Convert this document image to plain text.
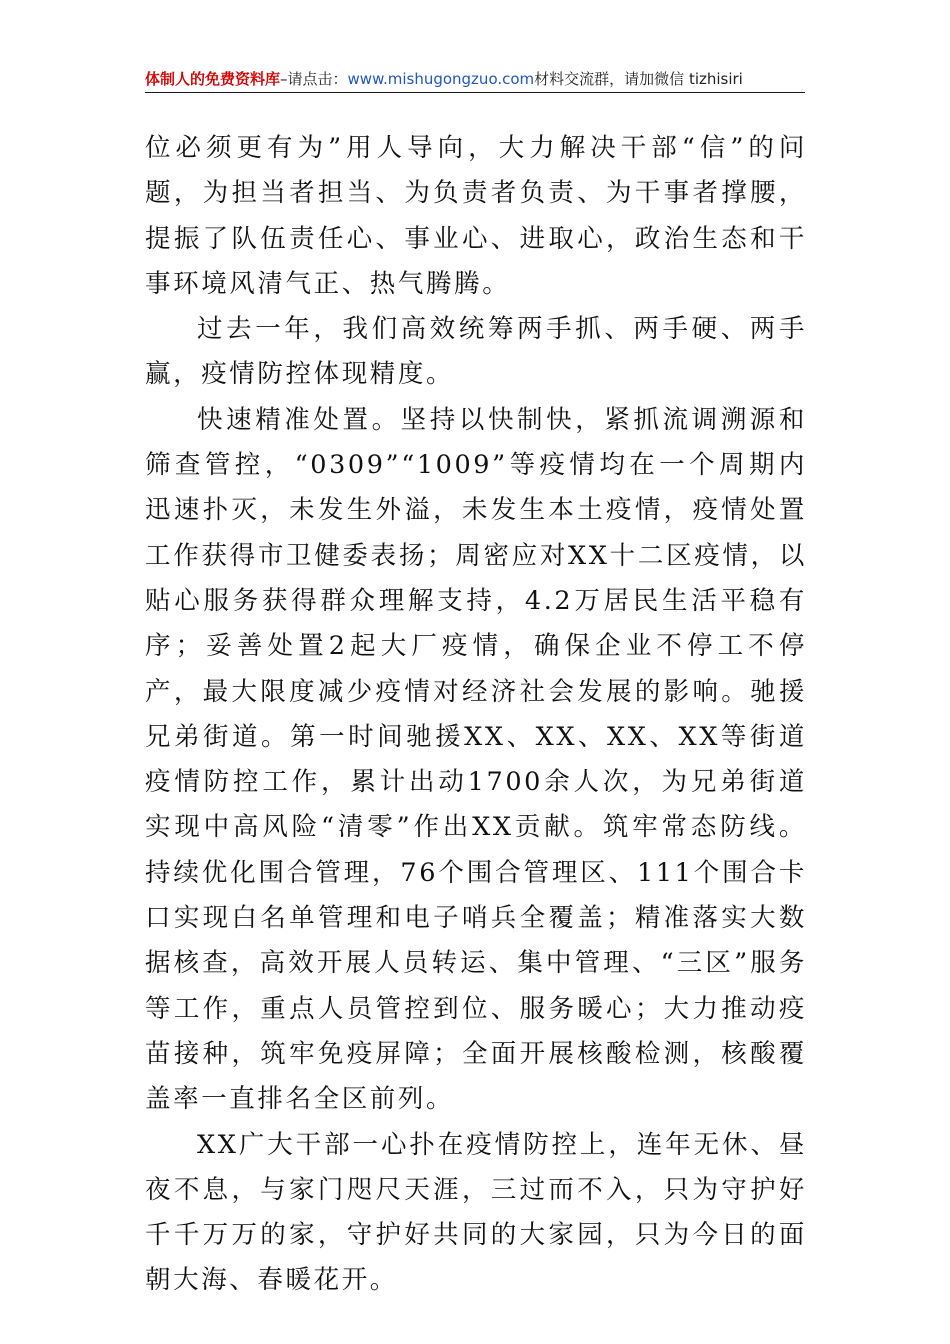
体制人的免费资料库–请点击：www.mishugongzuo.com材料交流群，请加微信 tizhisiri

位必须更有为”用人导向，大力解决干部“信”的问题，为担当者担当、为负责者负责、为干事者撑腰，提振了队伍责任心、事业心、进取心，政治生态和干事环境风清气正、热气腾腾。

过去一年，我们高效统筹两手抓、两手硬、两手赢，疫情防控体现精度。

快速精准处置。坚持以快制快，紧抓流调溯源和筛查管控，“0309”“1009”等疫情均在一个周期内迅速扑灭，未发生外溢，未发生本土疫情，疫情处置工作获得市卫健委表扬；周密应对XX十二区疫情，以贴心服务获得群众理解支持，4.2万居民生活平稳有序；妥善处置2起大厂疫情，确保企业不停工不停产，最大限度减少疫情对经济社会发展的影响。驰援兄弟街道。第一时间驰援XX、XX、XX、XX等街道疫情防控工作，累计出动1700余人次，为兄弟街道实现中高风险“清零”作出XX贡献。筑牢常态防线。持续优化围合管理，76个围合管理区、111个围合卡口实现白名单管理和电子哨兵全覆盖；精准落实大数据核查，高效开展人员转运、集中管理、“三区”服务等工作，重点人员管控到位、服务暖心；大力推动疫苗接种，筑牢免疫屏障；全面开展核酸检测，核酸覆盖率一直排名全区前列。

XX广大干部一心扑在疫情防控上，连年无休、昼夜不息，与家门咫尺天涯，三过而不入，只为守护好千千万万的家，守护好共同的大家园，只为今日的面朝大海、春暖花开。
